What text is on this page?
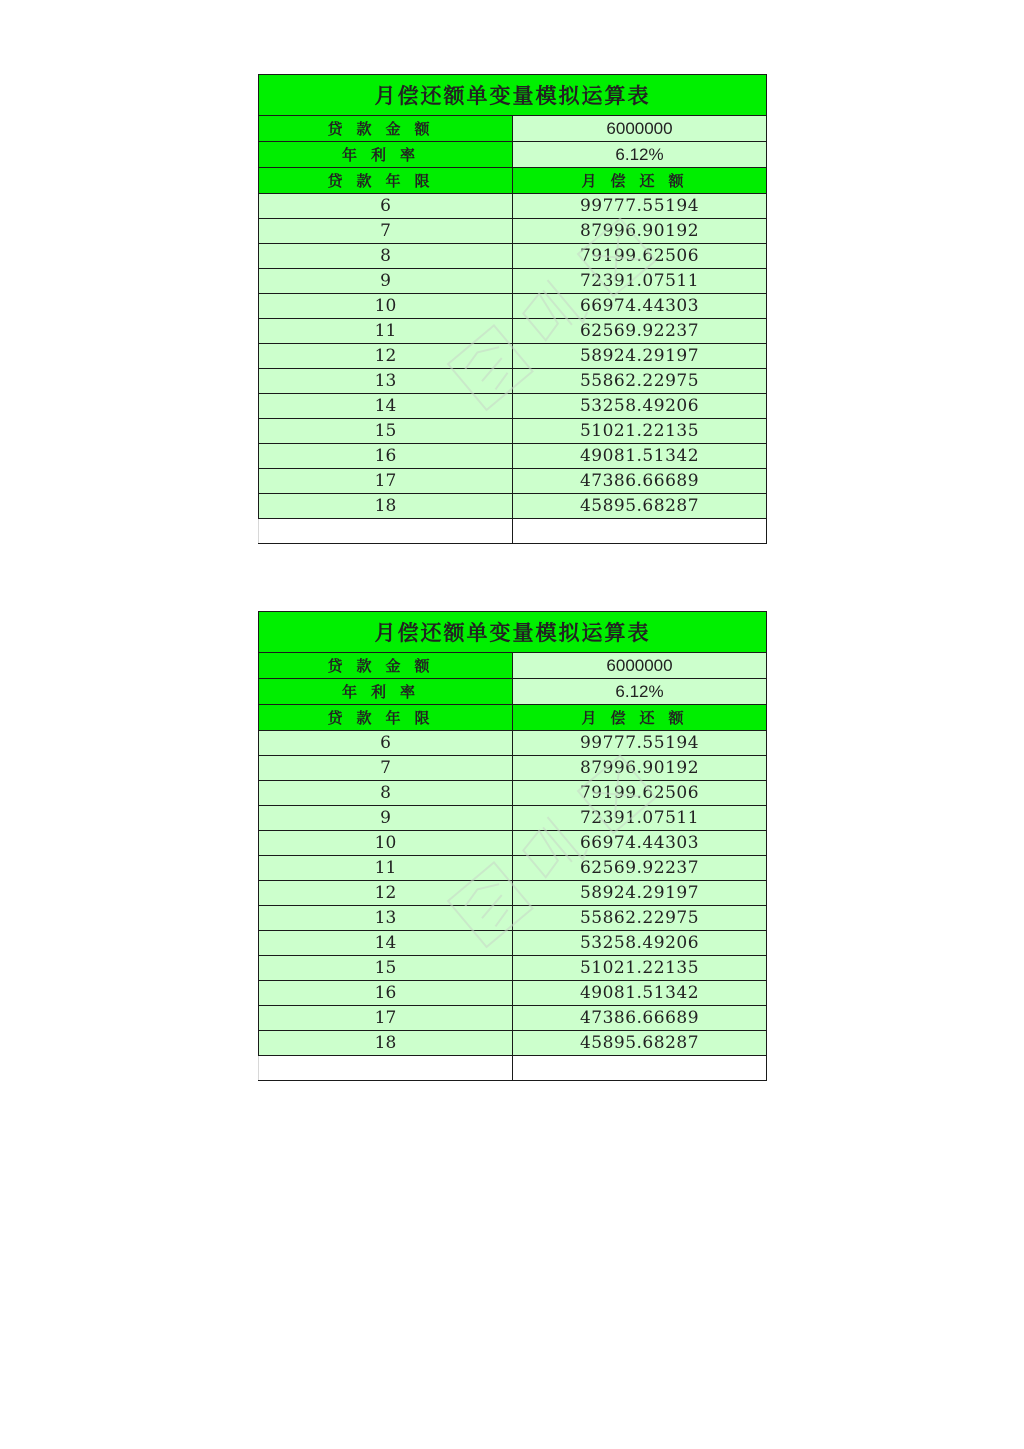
月偿还额单变量模拟运算表	
贷款金额	6000000
年利率	6.12%
贷款年限	月偿还额
6	99777.55194
7	87996.90192
8	79199.62506
9	72391.07511
10	66974.44303
11	62569.92237
12	58924.29197
13	55862.22975
14	53258.49206
15	51021.22135
16	49081.51342
17	47386.66689
18	45895.68287

月偿还额单变量模拟运算表	
贷款金额	6000000
年利率	6.12%
贷款年限	月偿还额
6	99777.55194
7	87996.90192
8	79199.62506
9	72391.07511
10	66974.44303
11	62569.92237
12	58924.29197
13	55862.22975
14	53258.49206
15	51021.22135
16	49081.51342
17	47386.66689
18	45895.68287
